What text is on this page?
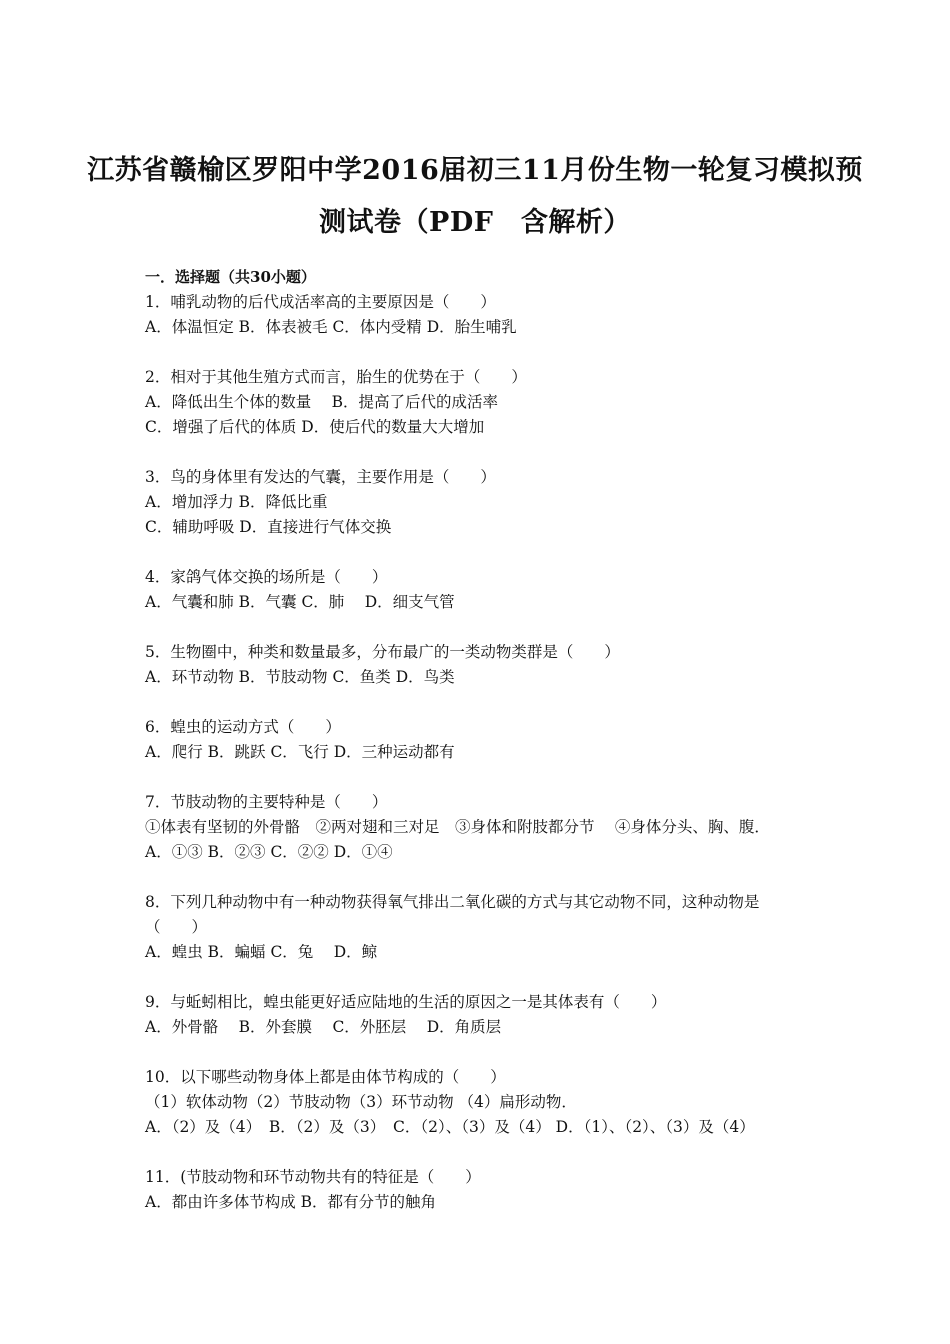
江苏省赣榆区罗阳中学2016届初三11月份生物一轮复习模拟预
测试卷（PDF　含解析）
一．选择题（共30小题）
1．哺乳动物的后代成活率高的主要原因是（　　）
A．体温恒定 B．体表被毛 C．体内受精 D．胎生哺乳
2．相对于其他生殖方式而言，胎生的优势在于（　　）
A．降低出生个体的数量　 B．提高了后代的成活率
C．增强了后代的体质 D．使后代的数量大大增加
3．鸟的身体里有发达的气囊，主要作用是（　　）
A．增加浮力 B．降低比重
C．辅助呼吸 D．直接进行气体交换
4．家鸽气体交换的场所是（　　）
A．气囊和肺 B．气囊 C．肺　 D．细支气管
5．生物圈中，种类和数量最多，分布最广的一类动物类群是（　　）
A．环节动物 B．节肢动物 C．鱼类 D．鸟类
6．蝗虫的运动方式（　　）
A．爬行 B．跳跃 C．飞行 D．三种运动都有
7．节肢动物的主要特种是（　　）
①体表有坚韧的外骨骼　②两对翅和三对足　③身体和附肢都分节　 ④身体分头、胸、腹．
A．①③ B．②③ C．②② D．①④
8．下列几种动物中有一种动物获得氧气排出二氧化碳的方式与其它动物不同，这种动物是
（　　）
A．蝗虫 B．蝙蝠 C．兔　 D．鲸
9．与蚯蚓相比，蝗虫能更好适应陆地的生活的原因之一是其体表有（　　）
A．外骨骼　 B．外套膜　 C．外胚层　 D．角质层
10．以下哪些动物身体上都是由体节构成的（　　）
（1）软体动物（2）节肢动物（3）环节动物 （4）扁形动物．
A．（2）及（4）　B．（2）及（3）　C．（2）、（3）及（4） D．（1）、（2）、（3）及（4）
11．(节肢动物和环节动物共有的特征是（　　）
A．都由许多体节构成 B．都有分节的触角
